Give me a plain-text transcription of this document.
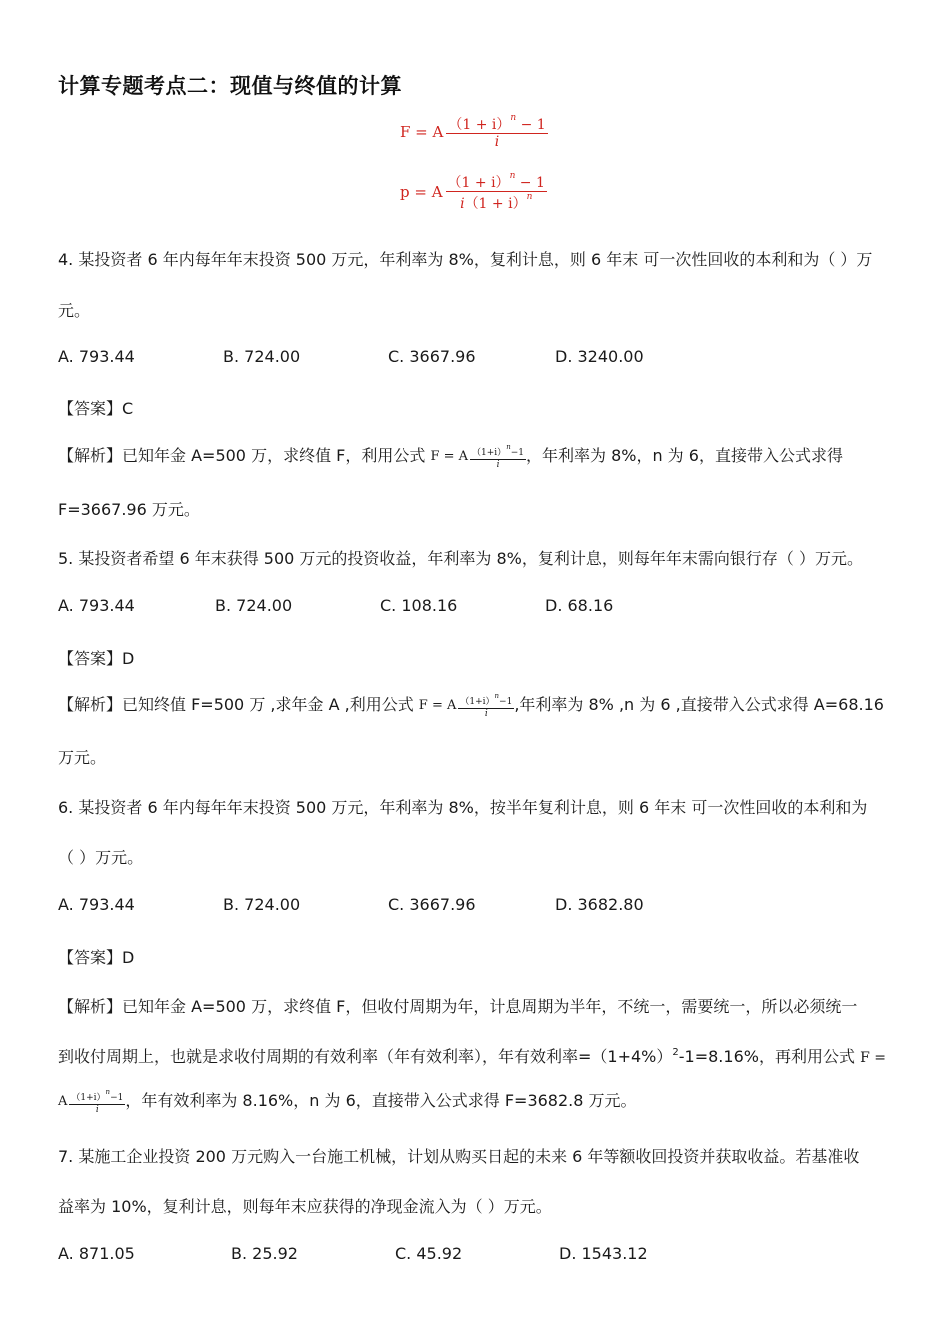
计算专题考点二：现值与终值的计算
F = A $\frac{(1 + i)^n - 1}{i}$
p = A $\frac{(1 + i)^n - 1}{i(1 + i)^n}$
4. 某投资者 6 年内每年年末投资 500 万元，年利率为 8%，复利计息，则 6 年末 可一次性回收的本利和为（ ）万
元。
A. 793.44	B. 724.00	C. 3667.96	D. 3240.00
【答案】C
【解析】已知年金 A=500 万，求终值 F，利用公式 F = A $\frac{(1+i)^n-1}{i}$ ，年利率为 8%，n 为 6，直接带入公式求得
F=3667.96 万元。
5. 某投资者希望 6 年末获得 500 万元的投资收益，年利率为 8%，复利计息，则每年年末需向银行存（ ）万元。
A. 793.44	B. 724.00	C. 108.16	D. 68.16
【答案】D
【解析】已知终值 F=500 万 ,求年金 A ,利用公式 F = A $\frac{(1+i)^n-1}{i}$ ,年利率为 8% ,n 为 6 ,直接带入公式求得 A=68.16
万元。
6. 某投资者 6 年内每年年末投资 500 万元，年利率为 8%，按半年复利计息，则 6 年末 可一次性回收的本利和为
（ ）万元。
A. 793.44	B. 724.00	C. 3667.96	D. 3682.80
【答案】D
【解析】已知年金 A=500 万，求终值 F，但收付周期为年，计息周期为半年，不统一，需要统一，所以必须统一
到收付周期上，也就是求收付周期的有效利率（年有效利率），年有效利率$=(1+4\%)^2-1=8.16\%$，再利用公式 F =
A $\frac{(1+i)^n-1}{i}$ ，年有效利率为 8.16%，n 为 6，直接带入公式求得 F=3682.8 万元。
7. 某施工企业投资 200 万元购入一台施工机械，计划从购买日起的未来 6 年等额收回投资并获取收益。若基准收
益率为 10%，复利计息，则每年末应获得的净现金流入为（ ）万元。
A. 871.05	B. 25.92	C. 45.92	D. 1543.12
